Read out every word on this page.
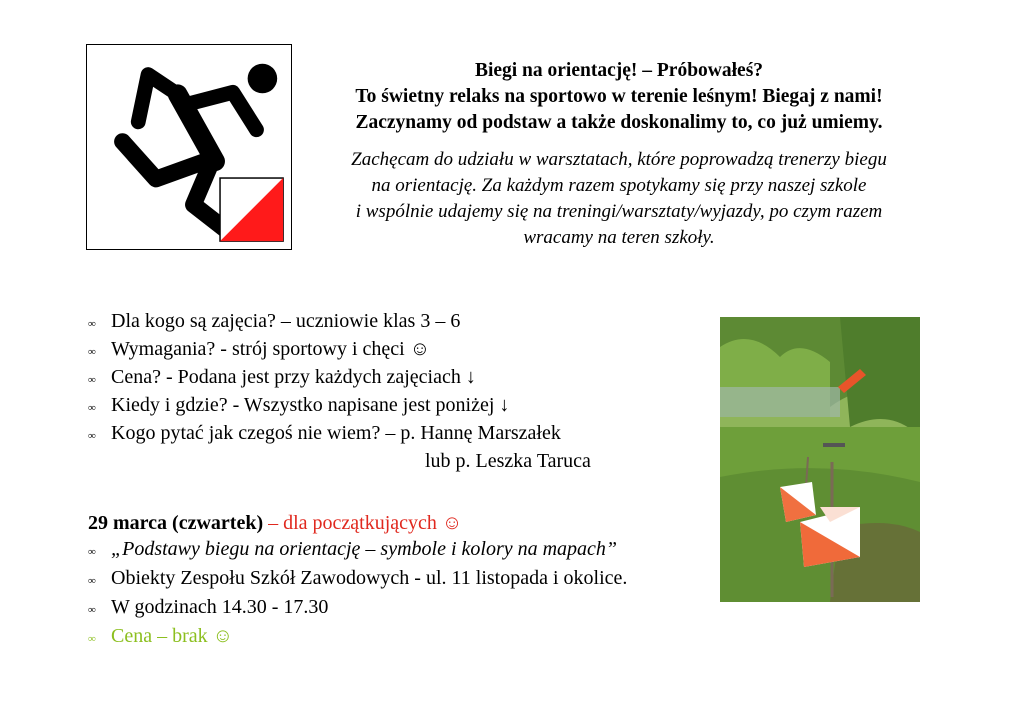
Biegi na orientację! – Próbowałeś?
To świetny relaks na sportowo w terenie leśnym! Biegaj z nami!
Zaczynamy od podstaw a także doskonalimy to, co już umiemy.
Zachęcam do udziału w warsztatach, które poprowadzą trenerzy biegu
na orientację. Za każdym razem spotykamy się przy naszej szkole
i wspólnie udajemy się na treningi/warsztaty/wyjazdy, po czym razem
wracamy na teren szkoły.
∞ Dla kogo są zajęcia? – uczniowie klas 3 – 6
∞ Wymagania? - strój sportowy i chęci ☺
∞ Cena? - Podana jest przy każdych zajęciach ↓
∞ Kiedy i gdzie? - Wszystko napisane jest poniżej ↓
∞ Kogo pytać jak czegoś nie wiem? – p. Hannę Marszałek
lub p. Leszka Taruca
29 marca (czwartek) – dla początkujących ☺
∞ „Podstawy biegu na orientację – symbole i kolory na mapach”
∞ Obiekty Zespołu Szkół Zawodowych - ul. 11 listopada i okolice.
∞ W godzinach 14.30 - 17.30
∞ Cena – brak ☺
